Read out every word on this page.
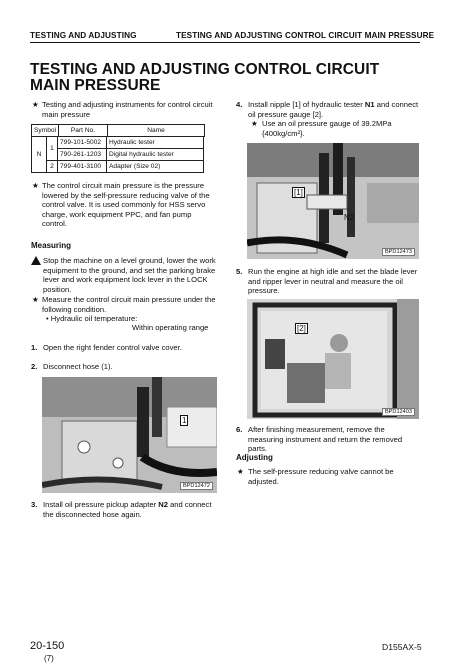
TESTING AND ADJUSTING	TESTING AND ADJUSTING CONTROL CIRCUIT MAIN PRESSURE
TESTING AND ADJUSTING CONTROL CIRCUIT MAIN PRESSURE
★ Testing and adjusting instruments for control circuit main pressure
Symbol	Part No.	Name
N	1	799-101-5002	Hydraulic tester
		790-261-1203	Digital hydraulic tester
	2	799-401-3100	Adapter (Size 02)
★ The control circuit main pressure is the pressure lowered by the self-pressure reducing valve of the control valve. It is used commonly for HSS servo charge, work equipment PPC, and fan pump control.
Measuring
Stop the machine on a level ground, lower the work equipment to the ground, and set the parking brake lever and work equipment lock lever in the LOCK position.
★ Measure the control circuit main pressure under the following condition.
• Hydraulic oil temperature:
Within operating range
1. Open the right fender control valve cover.
2. Disconnect hose (1).
1
BPD12472
3. Install oil pressure pickup adapter N2 and connect the disconnected hose again.
4. Install nipple [1] of hydraulic tester N1 and connect oil pressure gauge [2].
★ Use an oil pressure gauge of 39.2MPa {400kg/cm²}.
[1]
N2
BPD12473
5. Run the engine at high idle and set the blade lever and ripper lever in neutral and measure the oil pressure.
[2]
BPD12403
6. After finishing measurement, remove the measuring instrument and return the removed parts.
Adjusting
★ The self-pressure reducing valve cannot be adjusted.
20-150
(7)
D155AX-5
